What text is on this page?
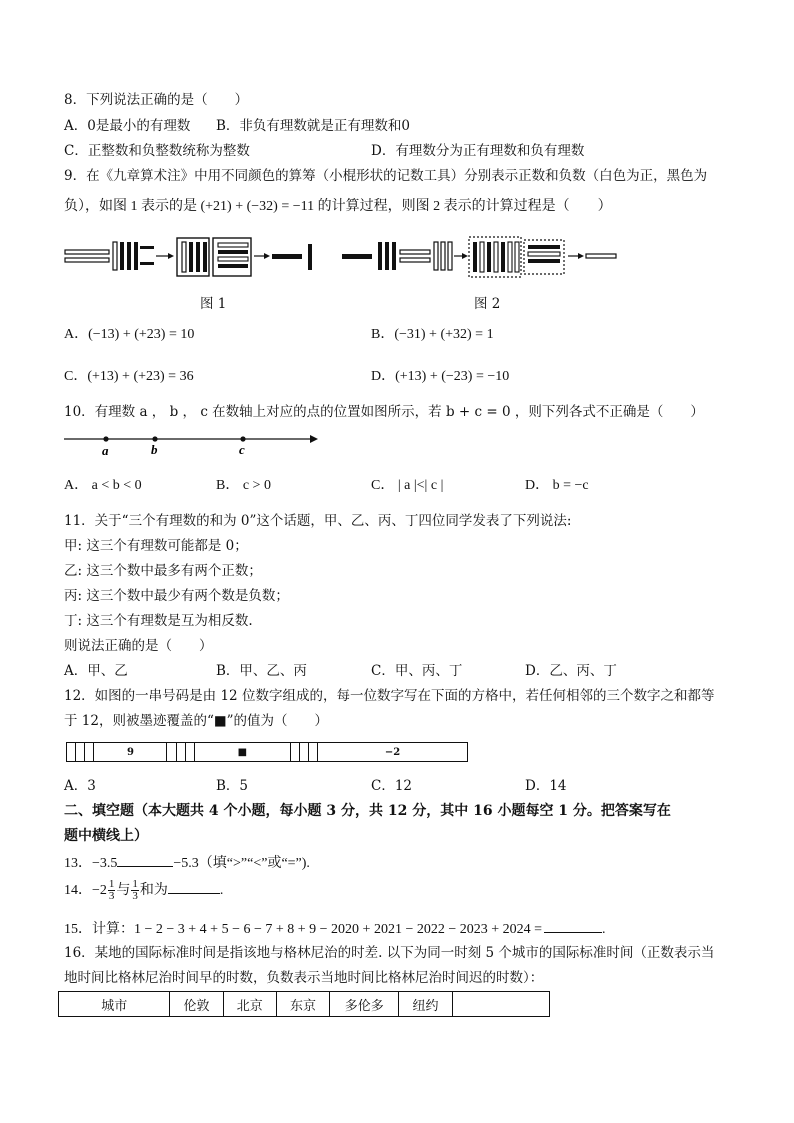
8．下列说法正确的是（　　）
A．0是最小的有理数 B．非负有理数就是正有理数和0
C．正整数和负整数统称为整数	D．有理数分为正有理数和负有理数
9．在《九章算术注》中用不同颜色的算筹（小棍形状的记数工具）分别表示正数和负数（白色为正，黑色为
负），如图 1 表示的是 (+21) + (−32) = −11 的计算过程，则图 2 表示的计算过程是（　　）
图 1	图 2
A．(−13) + (+23) = 10	B．(−31) + (+32) = 1
C．(+13) + (+23) = 36	D．(+13) + (−23) = −10
10．有理数 a ， b ， c 在数轴上对应的点的位置如图所示，若 b + c = 0 ，则下列各式不正确是（　　）
a	b	c
A． a < b < 0	B． c > 0	C． | a |<| c |	D． b = −c
11．关于“三个有理数的和为 0”这个话题，甲、乙、丙、丁四位同学发表了下列说法:
甲: 这三个有理数可能都是 0；
乙: 这三个数中最多有两个正数；
丙: 这三个数中最少有两个数是负数；
丁: 这三个有理数是互为相反数.
则说法正确的是（　　）
A．甲、乙	B．甲、乙、丙	C．甲、丙、丁	D．乙、丙、丁
12．如图的一串号码是由 12 位数字组成的，每一位数字写在下面的方格中，若任何相邻的三个数字之和都等
于 12，则被墨迹覆盖的“■”的值为（　　）
			9				■				−2
A．3	B．5	C．12	D．14
二、填空题（本大题共 4 个小题，每小题 3 分，共 12 分，其中 16 小题每空 1 分。把答案写在
题中横线上）
13．−3.5	−5.3（填“>”“<”或“=”).
14．$-2 \frac{1}{3}$ 与 $\frac{1}{3}$ 和为	.
15．计算：1 − 2 − 3 + 4 + 5 − 6 − 7 + 8 + 9 − 2020 + 2021 − 2022 − 2023 + 2024 =	.
16．某地的国际标准时间是指该地与格林尼治的时差. 以下为同一时刻 5 个城市的国际标准时间（正数表示当
地时间比格林尼治时间早的时数，负数表示当地时间比格林尼治时间迟的时数）：
城市	伦敦	北京	东京	多伦多	纽约	
